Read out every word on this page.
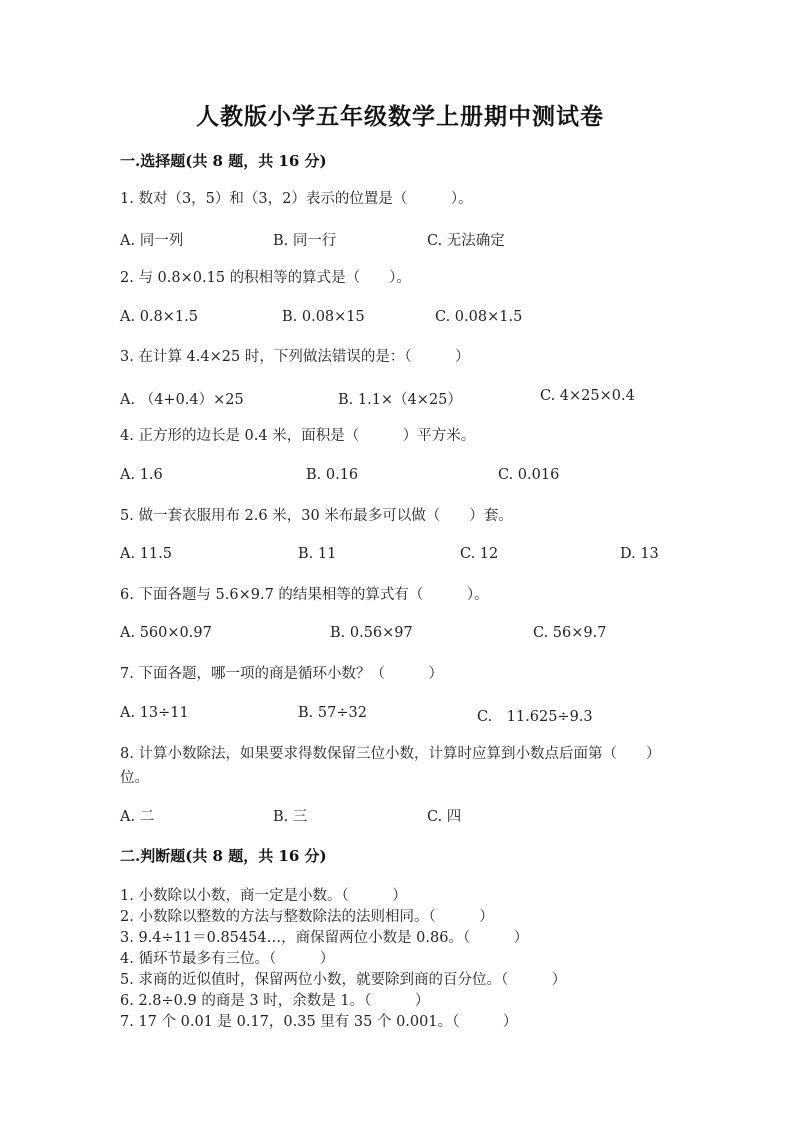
人教版小学五年级数学上册期中测试卷
一.选择题(共 8 题，共 16 分)
1. 数对（3，5）和（3，2）表示的位置是（　　　）。
A. 同一列	B. 同一行	C. 无法确定
2. 与 0.8×0.15 的积相等的算式是（　　）。
A. 0.8×1.5	B. 0.08×15	C. 0.08×1.5
3. 在计算 4.4×25 时，下列做法错误的是：（　　　）
A. （4+0.4）×25	B. 1.1×（4×25）	C. 4×25×0.4
4. 正方形的边长是 0.4 米，面积是（　　　）平方米。
A. 1.6	B. 0.16	C. 0.016
5. 做一套衣服用布 2.6 米，30 米布最多可以做（　　）套。
A. 11.5	B. 11	C. 12	D. 13
6. 下面各题与 5.6×9.7 的结果相等的算式有（　　　）。
A. 560×0.97	B. 0.56×97	C. 56×9.7
7. 下面各题，哪一项的商是循环小数？（　　　）
A. 13÷11	B. 57÷32	C.　11.625÷9.3
8. 计算小数除法，如果要求得数保留三位小数，计算时应算到小数点后面第（　　）位。
A. 二	B. 三	C. 四
二.判断题(共 8 题，共 16 分)
1. 小数除以小数，商一定是小数。（　　　）
2. 小数除以整数的方法与整数除法的法则相同。（　　　）
3. 9.4÷11＝0.85454…，商保留两位小数是 0.86。（　　　）
4. 循环节最多有三位。（　　　）
5. 求商的近似值时，保留两位小数，就要除到商的百分位。（　　　）
6. 2.8÷0.9 的商是 3 时，余数是 1。（　　　）
7. 17 个 0.01 是 0.17，0.35 里有 35 个 0.001。（　　　）
